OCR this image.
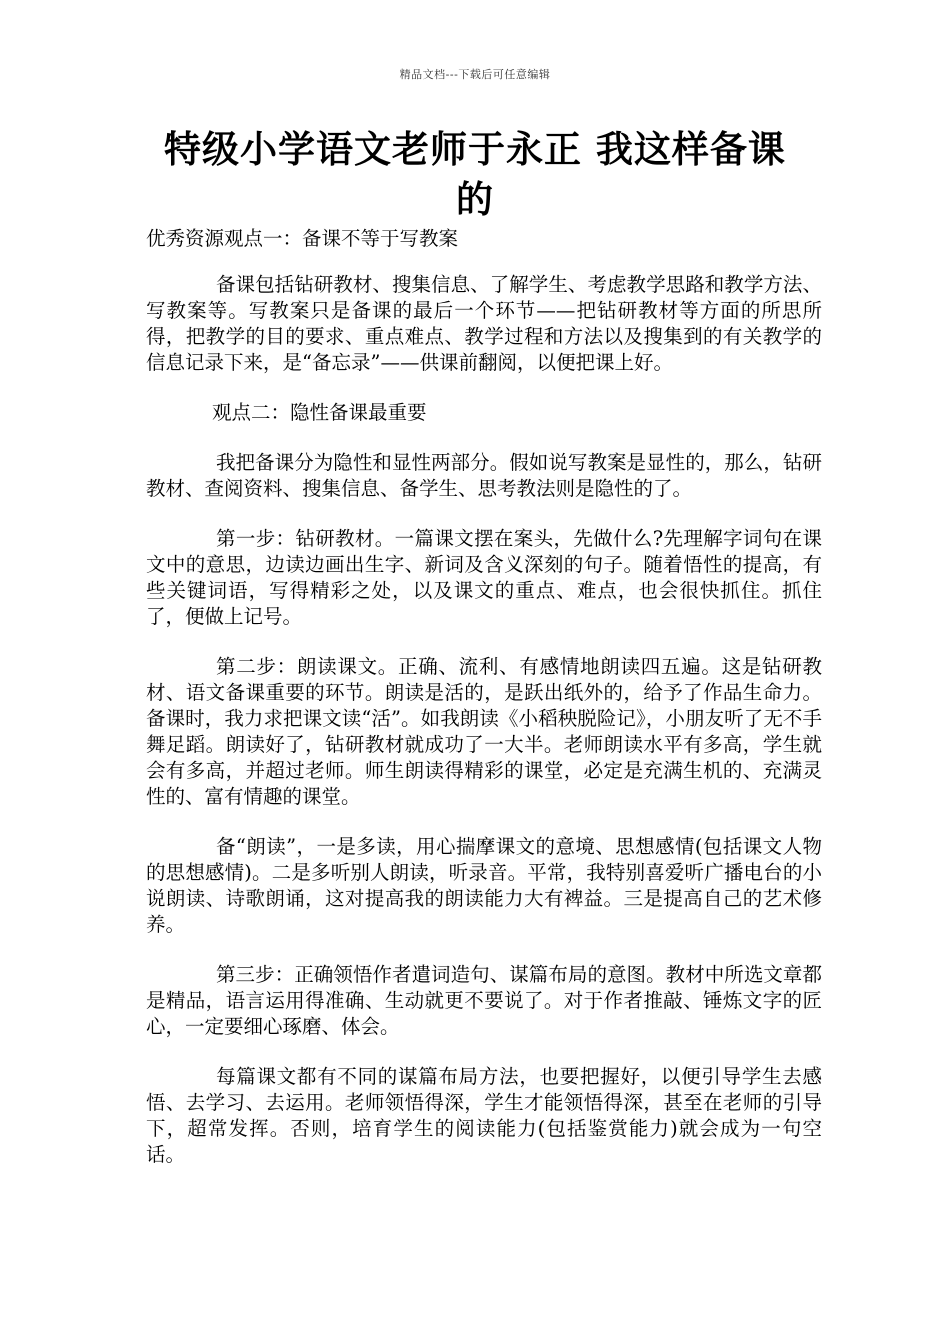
精品文档---下载后可任意编辑
特级小学语文老师于永正 我这样备课的

优秀资源观点一：备课不等于写教案

备课包括钻研教材、搜集信息、了解学生、考虑教学思路和教学方法、写教案等。写教案只是备课的最后一个环节——把钻研教材等方面的所思所得，把教学的目的要求、重点难点、教学过程和方法以及搜集到的有关教学的信息记录下来，是“备忘录”——供课前翻阅，以便把课上好。

观点二：隐性备课最重要

我把备课分为隐性和显性两部分。假如说写教案是显性的，那么，钻研教材、查阅资料、搜集信息、备学生、思考教法则是隐性的了。

第一步：钻研教材。一篇课文摆在案头，先做什么?先理解字词句在课文中的意思，边读边画出生字、新词及含义深刻的句子。随着悟性的提高，有些关键词语，写得精彩之处，以及课文的重点、难点，也会很快抓住。抓住了，便做上记号。

第二步：朗读课文。正确、流利、有感情地朗读四五遍。这是钻研教材、语文备课重要的环节。朗读是活的，是跃出纸外的，给予了作品生命力。备课时，我力求把课文读“活”。如我朗读《小稻秧脱险记》，小朋友听了无不手舞足蹈。朗读好了，钻研教材就成功了一大半。老师朗读水平有多高，学生就会有多高，并超过老师。师生朗读得精彩的课堂，必定是充满生机的、充满灵性的、富有情趣的课堂。

备“朗读”，一是多读，用心揣摩课文的意境、思想感情(包括课文人物的思想感情)。二是多听别人朗读，听录音。平常，我特别喜爱听广播电台的小说朗读、诗歌朗诵，这对提高我的朗读能力大有裨益。三是提高自己的艺术修养。

第三步：正确领悟作者遣词造句、谋篇布局的意图。教材中所选文章都是精品，语言运用得准确、生动就更不要说了。对于作者推敲、锤炼文字的匠心，一定要细心琢磨、体会。

每篇课文都有不同的谋篇布局方法，也要把握好，以便引导学生去感悟、去学习、去运用。老师领悟得深，学生才能领悟得深，甚至在老师的引导下，超常发挥。否则，培育学生的阅读能力(包括鉴赏能力)就会成为一句空话。
